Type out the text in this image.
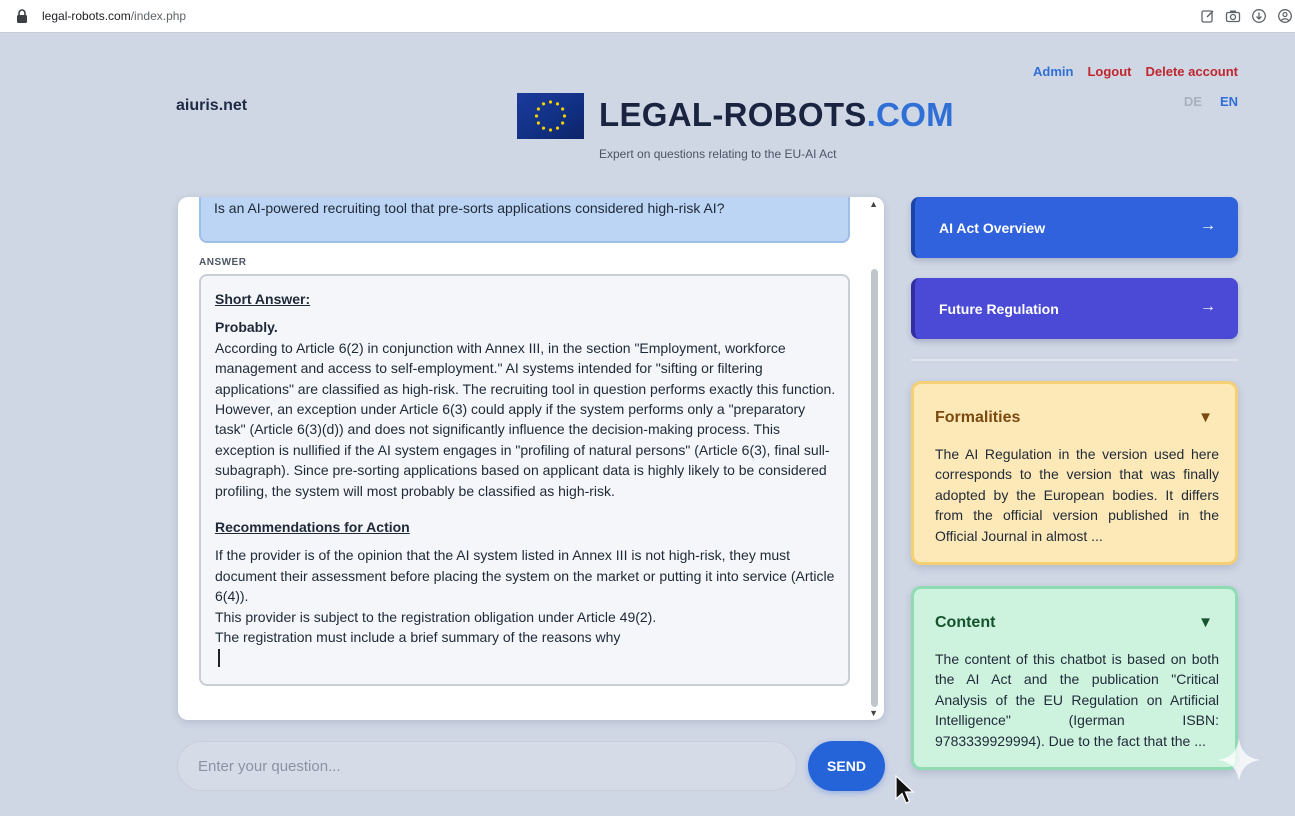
legal-robots.com/index.php
aiuris.net	LEGAL-ROBOTS.COM
Expert on questions relating to the EU-AI Act
Admin Logout Delete account
DE EN
Is an AI-powered recruiting tool that pre-sorts applications considered high-risk AI?
ANSWER
Short Answer:
Probably.
According to Article 6(2) in conjunction with Annex III, in the section "Employment, workforce management and access to self-employment." AI systems intended for "sifting or filtering applications" are classified as high-risk. The recruiting tool in question performs exactly this function. However, an exception under Article 6(3) could apply if the system performs only a "preparatory task" (Article 6(3)(d)) and does not significantly influence the decision-making process. This exception is nullified if the AI system engages in "profiling of natural persons" (Article 6(3), final sull-subagraph). Since pre-sorting applications based on applicant data is highly likely to be considered profiling, the system will most probably be classified as high-risk.
Recommendations for Action
If the provider is of the opinion that the AI system listed in Annex III is not high-risk, they must document their assessment before placing the system on the market or putting it into service (Article 6(4)).
This provider is subject to the registration obligation under Article 49(2).
The registration must include a brief summary of the reasons why
▲
▼
Enter your question...
SEND
AI Act Overview	→
Future Regulation	→
Formalities	▼
The AI Regulation in the version used here corresponds to the version that was finally adopted by the European bodies. It differs from the official version published in the Official Journal in almost ...
Content	▼
The content of this chatbot is based on both the AI Act and the publication "Critical Analysis of the EU Regulation on Artificial Intelligence" (Igerman ISBN: 9783339929994). Due to the fact that the ...
